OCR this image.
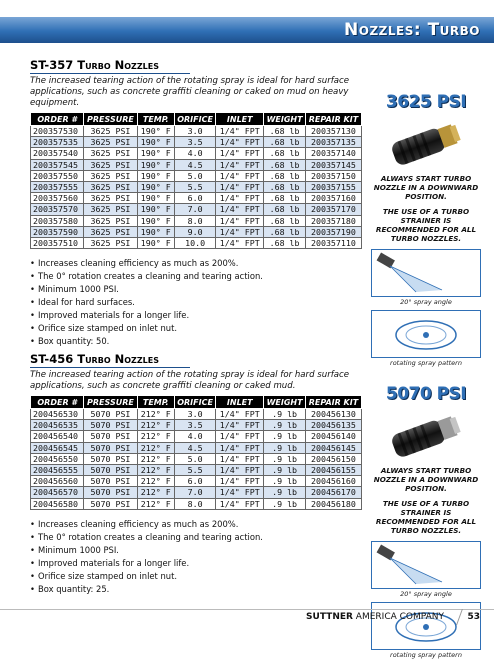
Nozzles: Turbo
ST-357 Turbo Nozzles
The increased tearing action of the rotating spray is ideal for hard surface applications, such as concrete graffiti cleaning or caked on mud on heavy equipment.
ORDER #	PRESSURE	TEMP.	ORIFICE	INLET	WEIGHT	REPAIR KIT
200357530	3625 PSI	190° F	3.0	1/4" FPT	.68 lb	200357130
200357535	3625 PSI	190° F	3.5	1/4" FPT	.68 lb	200357135
200357540	3625 PSI	190° F	4.0	1/4" FPT	.68 lb	200357140
200357545	3625 PSI	190° F	4.5	1/4" FPT	.68 lb	200357145
200357550	3625 PSI	190° F	5.0	1/4" FPT	.68 lb	200357150
200357555	3625 PSI	190° F	5.5	1/4" FPT	.68 lb	200357155
200357560	3625 PSI	190° F	6.0	1/4" FPT	.68 lb	200357160
200357570	3625 PSI	190° F	7.0	1/4" FPT	.68 lb	200357170
200357580	3625 PSI	190° F	8.0	1/4" FPT	.68 lb	200357180
200357590	3625 PSI	190° F	9.0	1/4" FPT	.68 lb	200357190
200357510	3625 PSI	190° F	10.0	1/4" FPT	.68 lb	200357110
• Increases cleaning efficiency as much as 200%.
• The 0° rotation creates a cleaning and tearing action.
• Minimum 1000 PSI.
• Ideal for hard surfaces.
• Improved materials for a longer life.
• Orifice size stamped on inlet nut.
• Box quantity: 50.
3625 PSI
ALWAYS START TURBO NOZZLE IN A DOWNWARD POSITION.
THE USE OF A TURBO STRAINER IS RECOMMENDED FOR ALL TURBO NOZZLES.
20° spray angle
rotating spray pattern
ST-456 Turbo Nozzles
The increased tearing action of the rotating spray is ideal for hard surface applications, such as concrete graffiti cleaning or caked mud.
ORDER #	PRESSURE	TEMP.	ORIFICE	INLET	WEIGHT	REPAIR KIT
200456530	5070 PSI	212° F	3.0	1/4" FPT	.9 lb	200456130
200456535	5070 PSI	212° F	3.5	1/4" FPT	.9 lb	200456135
200456540	5070 PSI	212° F	4.0	1/4" FPT	.9 lb	200456140
200456545	5070 PSI	212° F	4.5	1/4" FPT	.9 lb	200456145
200456550	5070 PSI	212° F	5.0	1/4" FPT	.9 lb	200456150
200456555	5070 PSI	212° F	5.5	1/4" FPT	.9 lb	200456155
200456560	5070 PSI	212° F	6.0	1/4" FPT	.9 lb	200456160
200456570	5070 PSI	212° F	7.0	1/4" FPT	.9 lb	200456170
200456580	5070 PSI	212° F	8.0	1/4" FPT	.9 lb	200456180
• Increases cleaning efficiency as much as 200%.
• The 0° rotation creates a cleaning and tearing action.
• Minimum 1000 PSI.
• Improved materials for a longer life.
• Orifice size stamped on inlet nut.
• Box quantity: 25.
5070 PSI
ALWAYS START TURBO NOZZLE IN A DOWNWARD POSITION.
THE USE OF A TURBO STRAINER IS RECOMMENDED FOR ALL TURBO NOZZLES.
20° spray angle
rotating spray pattern
SUTTNER AMERICA COMPANY	53
